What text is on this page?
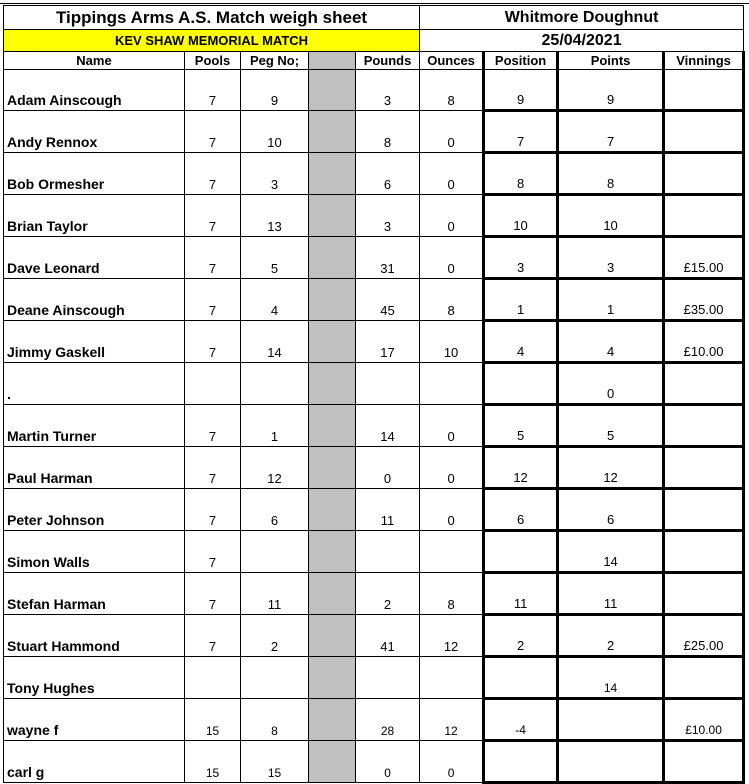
Tippings Arms A.S. Match weigh sheet					Whitmore Doughnut			
KEV SHAW MEMORIAL MATCH					25/04/2021			
Name	Pools	Peg No;		Pounds	Ounces	Position	Points	Vinnings
Adam Ainscough	7	9		3	8	9	9	
Andy Rennox	7	10		8	0	7	7	
Bob Ormesher	7	3		6	0	8	8	
Brian Taylor	7	13		3	0	10	10	
Dave Leonard	7	5		31	0	3	3	£15.00
Deane Ainscough	7	4		45	8	1	1	£35.00
Jimmy Gaskell	7	14		17	10	4	4	£10.00
.							0	
Martin Turner	7	1		14	0	5	5	
Paul Harman	7	12		0	0	12	12	
Peter Johnson	7	6		11	0	6	6	
Simon Walls	7						14	
Stefan Harman	7	11		2	8	11	11	
Stuart Hammond	7	2		41	12	2	2	£25.00
Tony Hughes							14	
wayne f	15	8		28	12	-4		£10.00
carl g	15	15		0	0			
